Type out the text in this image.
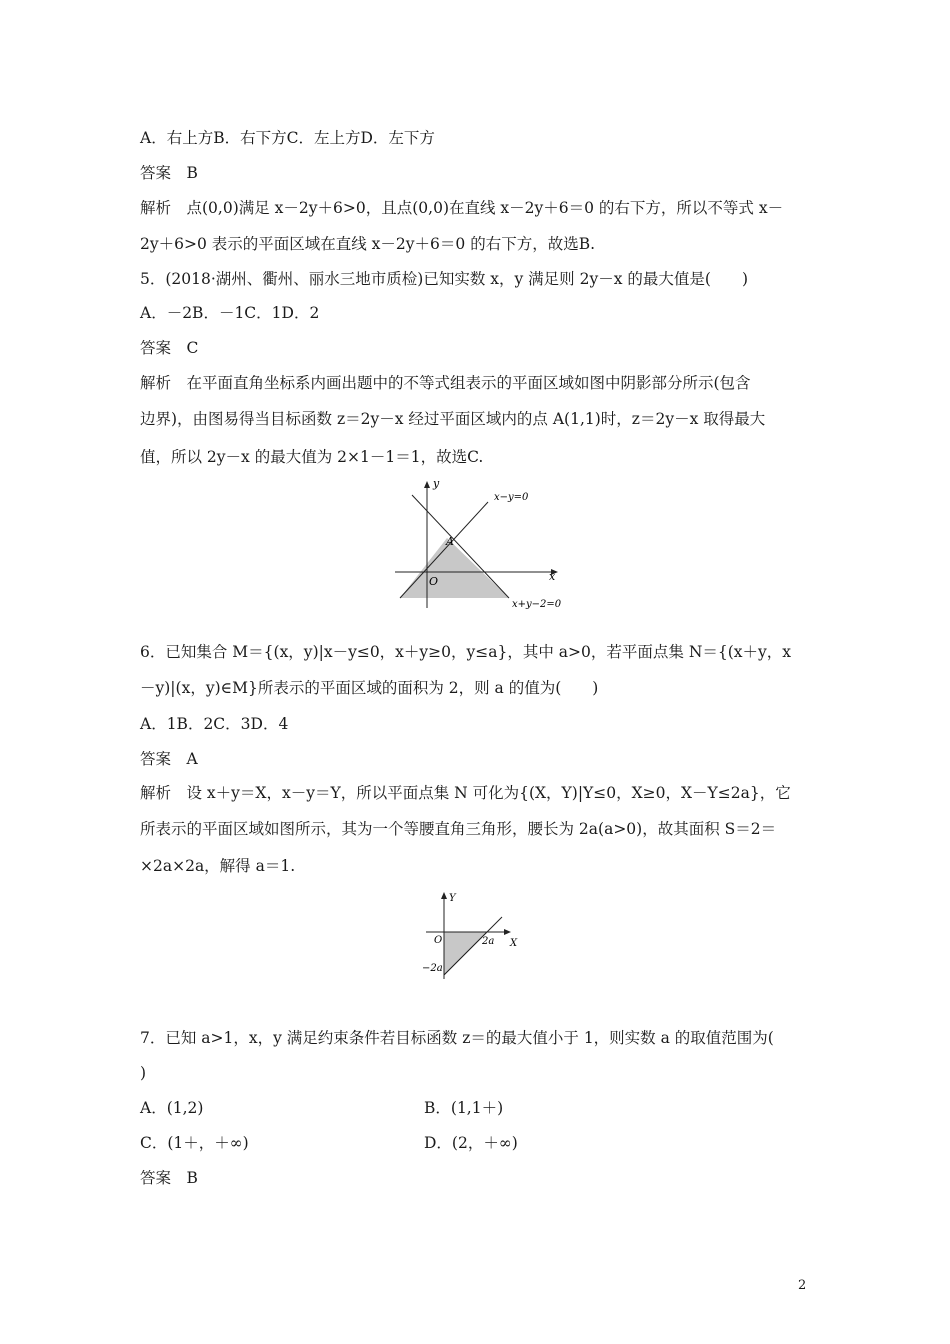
A．右上方B．右下方C．左上方D．左下方
答案　B
解析　点(0,0)满足 x－2y＋6>0，且点(0,0)在直线 x－2y＋6＝0 的右下方，所以不等式 x－
2y＋6>0 表示的平面区域在直线 x－2y＋6＝0 的右下方，故选B.
5．(2018·湖州、衢州、丽水三地市质检)已知实数 x，y 满足则 2y－x 的最大值是(　　)
A．－2B．－1C．1D．2
答案　C
解析　在平面直角坐标系内画出题中的不等式组表示的平面区域如图中阴影部分所示(包含
边界)，由图易得当目标函数 z＝2y－x 经过平面区域内的点 A(1,1)时，z＝2y－x 取得最大
值，所以 2y－x 的最大值为 2×1－1＝1，故选C.
y
x
x−y=0
x+y−2=0
A
O
6．已知集合 M＝{(x，y)|x－y≤0，x＋y≥0，y≤a}，其中 a>0，若平面点集 N＝{(x＋y，x
－y)|(x，y)∈M}所表示的平面区域的面积为 2，则 a 的值为(　　)
A．1B．2C．3D．4
答案　A
解析　设 x＋y＝X，x－y＝Y，所以平面点集 N 可化为{(X，Y)|Y≤0，X≥0，X－Y≤2a}，它
所表示的平面区域如图所示，其为一个等腰直角三角形，腰长为 2a(a>0)，故其面积 S＝2＝
×2a×2a，解得 a＝1.
Y
X
O	2a
−2a
7．已知 a>1，x，y 满足约束条件若目标函数 z＝的最大值小于 1，则实数 a 的取值范围为(
)
A．(1,2)	B．(1,1＋)
C．(1＋，＋∞)	D．(2，＋∞)
答案　B
2
